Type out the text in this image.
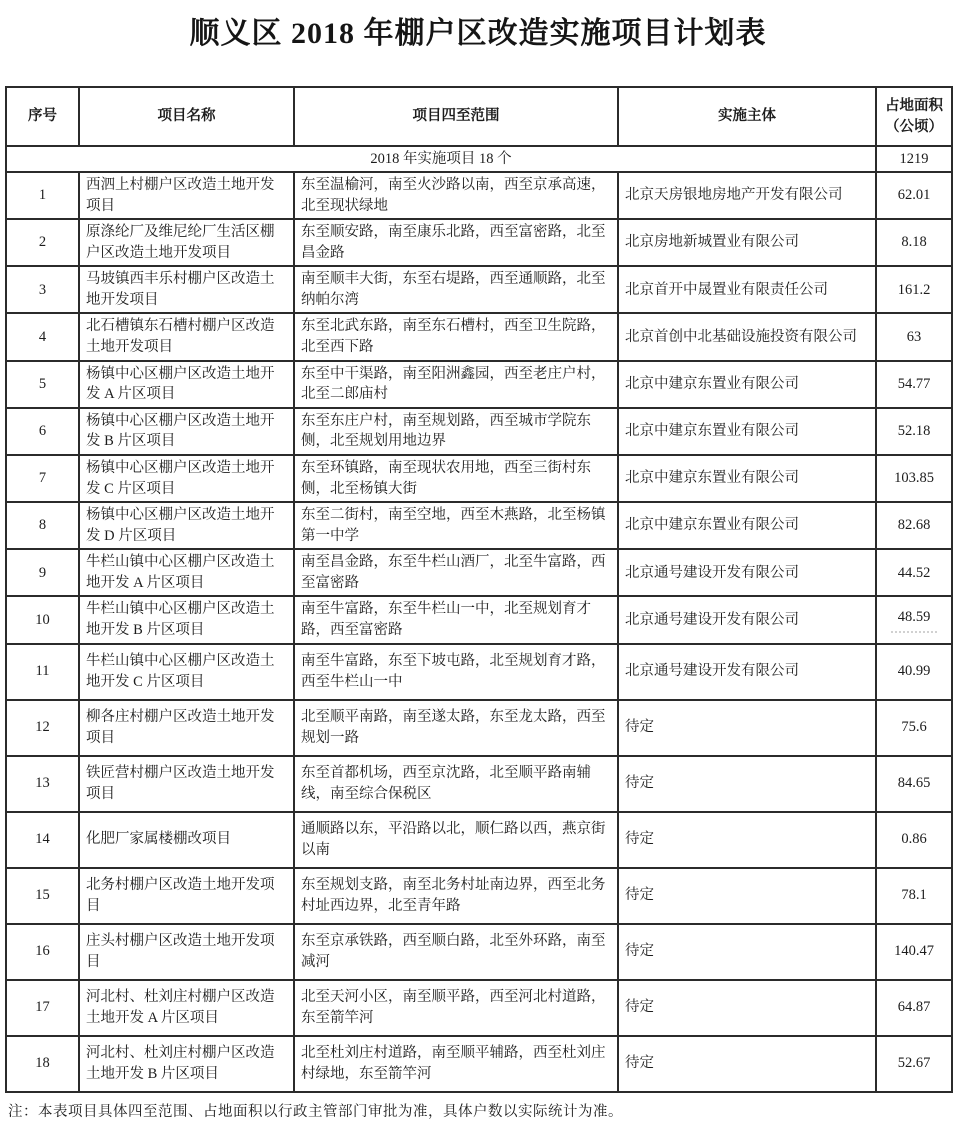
顺义区 2018 年棚户区改造实施项目计划表
序号	项目名称	项目四至范围	实施主体	占地面积（公顷）
2018 年实施项目 18 个				1219
1	西泗上村棚户区改造土地开发项目	东至温榆河，南至火沙路以南，西至京承高速，北至现状绿地	北京天房银地房地产开发有限公司	62.01
2	原涤纶厂及维尼纶厂生活区棚户区改造土地开发项目	东至顺安路，南至康乐北路，西至富密路，北至昌金路	北京房地新城置业有限公司	8.18
3	马坡镇西丰乐村棚户区改造土地开发项目	南至顺丰大街，东至右堤路，西至通顺路，北至纳帕尔湾	北京首开中晟置业有限责任公司	161.2
4	北石槽镇东石槽村棚户区改造土地开发项目	东至北武东路，南至东石槽村，西至卫生院路，北至西下路	北京首创中北基础设施投资有限公司	63
5	杨镇中心区棚户区改造土地开发 A 片区项目	东至中干渠路，南至阳洲鑫园，西至老庄户村，北至二郎庙村	北京中建京东置业有限公司	54.77
6	杨镇中心区棚户区改造土地开发 B 片区项目	东至东庄户村，南至规划路，西至城市学院东侧，北至规划用地边界	北京中建京东置业有限公司	52.18
7	杨镇中心区棚户区改造土地开发 C 片区项目	东至环镇路，南至现状农用地，西至三街村东侧，北至杨镇大街	北京中建京东置业有限公司	103.85
8	杨镇中心区棚户区改造土地开发 D 片区项目	东至二街村，南至空地，西至木燕路，北至杨镇第一中学	北京中建京东置业有限公司	82.68
9	牛栏山镇中心区棚户区改造土地开发 A 片区项目	南至昌金路，东至牛栏山酒厂，北至牛富路，西至富密路	北京通号建设开发有限公司	44.52
10	牛栏山镇中心区棚户区改造土地开发 B 片区项目	南至牛富路，东至牛栏山一中，北至规划育才路，西至富密路	北京通号建设开发有限公司	48.59

11	牛栏山镇中心区棚户区改造土地开发 C 片区项目	南至牛富路，东至下坡屯路，北至规划育才路，西至牛栏山一中	北京通号建设开发有限公司	40.99
12	柳各庄村棚户区改造土地开发项目	北至顺平南路，南至遂太路，东至龙太路，西至规划一路	待定	75.6
13	铁匠营村棚户区改造土地开发项目	东至首都机场，西至京沈路，北至顺平路南辅线，南至综合保税区	待定	84.65
14	化肥厂家属楼棚改项目	通顺路以东，平沿路以北，顺仁路以西，燕京街以南	待定	0.86
15	北务村棚户区改造土地开发项目	东至规划支路，南至北务村址南边界，西至北务村址西边界，北至青年路	待定	78.1
16	庄头村棚户区改造土地开发项目	东至京承铁路，西至顺白路，北至外环路，南至减河	待定	140.47
17	河北村、杜刘庄村棚户区改造土地开发 A 片区项目	北至天河小区，南至顺平路，西至河北村道路，东至箭竿河	待定	64.87
18	河北村、杜刘庄村棚户区改造土地开发 B 片区项目	北至杜刘庄村道路，南至顺平辅路，西至杜刘庄村绿地，东至箭竿河	待定	52.67
注：本表项目具体四至范围、占地面积以行政主管部门审批为准，具体户数以实际统计为准。
